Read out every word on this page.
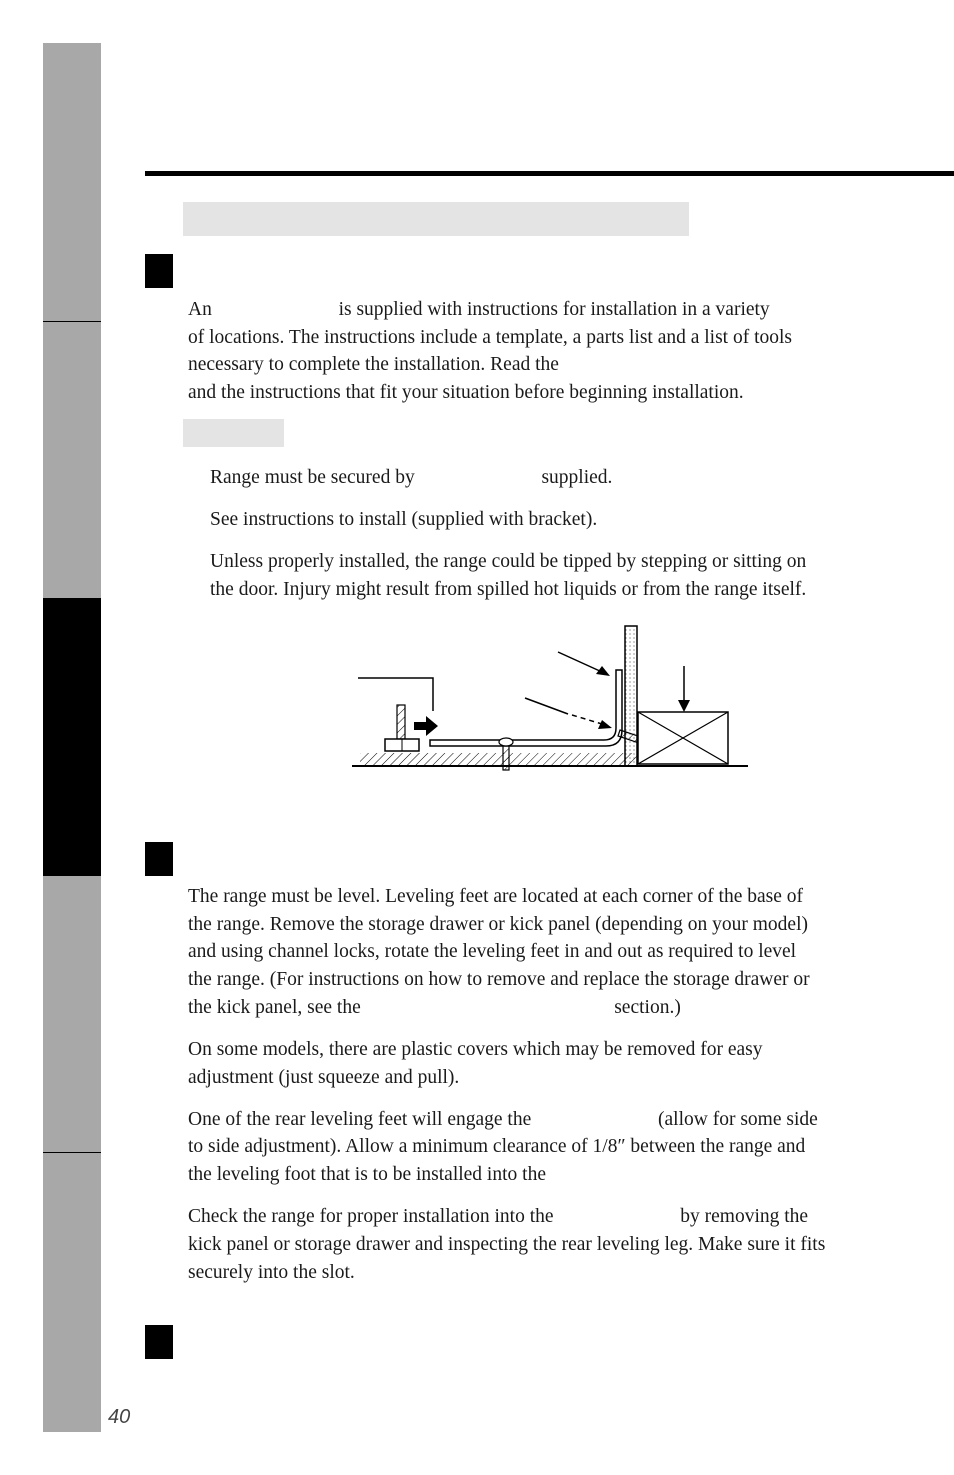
An                          is supplied with instructions for installation in a variety

of locations. The instructions include a template, a parts list and a list of tools

necessary to complete the installation. Read the

and the instructions that fit your situation before beginning installation.

Range must be secured by                          supplied.

See instructions to install (supplied with bracket).

Unless properly installed, the range could be tipped by stepping or sitting on

the door. Injury might result from spilled hot liquids or from the range itself.

The range must be level. Leveling feet are located at each corner of the base of

the range. Remove the storage drawer or kick panel (depending on your model)

and using channel locks, rotate the leveling feet in and out as required to level

the range. (For instructions on how to remove and replace the storage drawer or

the kick panel, see the                                                    section.)

On some models, there are plastic covers which may be removed for easy

adjustment (just squeeze and pull).

One of the rear leveling feet will engage the                          (allow for some side

to side adjustment). Allow a minimum clearance of 1/8″ between the range and

the leveling foot that is to be installed into the

Check the range for proper installation into the                          by removing the

kick panel or storage drawer and inspecting the rear leveling leg. Make sure it fits

securely into the slot.

40
